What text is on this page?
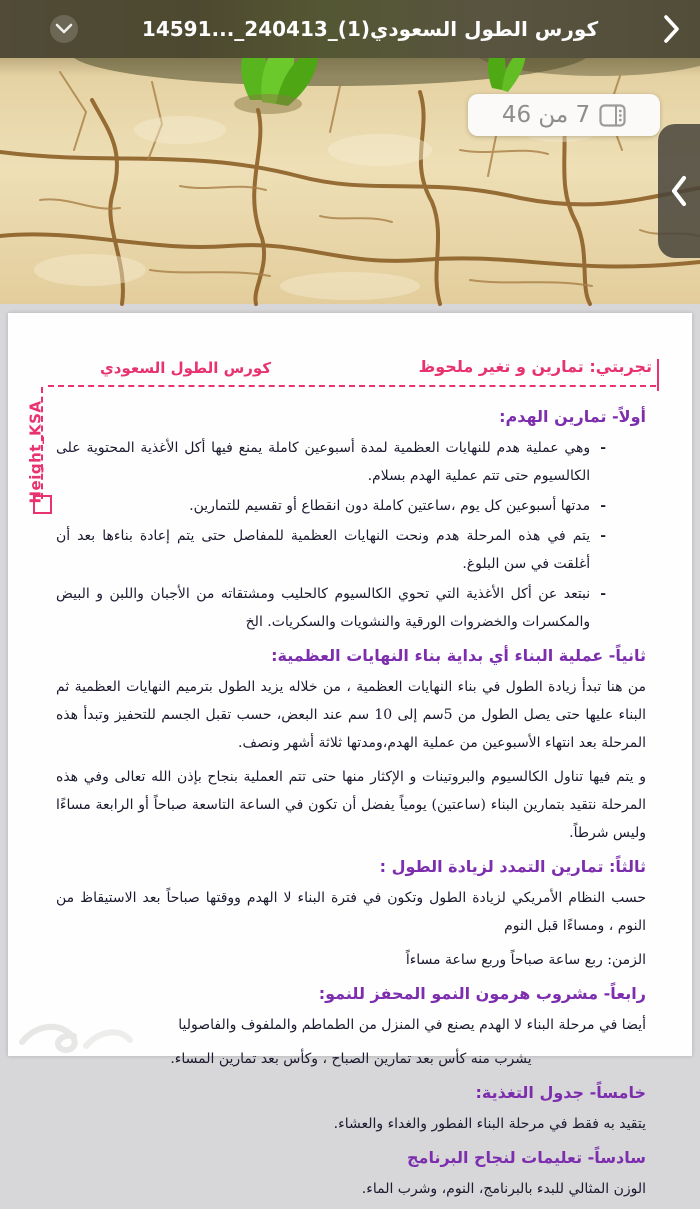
كورس الطول السعودي(1)_240413_...14591
7 من 46
تجربتي: تمارين و تغير ملحوظ
كورس الطول السعودي
Height_KSA	أولاً- تمارين الهدم:
-
وهي عملية هدم للنهايات العظمية لمدة أسبوعين كاملة يمنع فيها أكل الأغذية المحتوية على الكالسيوم حتى تتم عملية الهدم بسلام.
-
مدتها أسبوعين كل يوم ،ساعتين كاملة دون انقطاع أو تقسيم للتمارين.
-
يتم في هذه المرحلة هدم ونحت النهايات العظمية للمفاصل حتى يتم إعادة بناءها بعد أن أغلقت في سن البلوغ.
-
نبتعد عن أكل الأغذية التي تحوي الكالسيوم كالحليب ومشتقاته من الأجبان واللبن و البيض والمكسرات والخضروات الورقية والنشويات والسكريات. الخ
ثانياً- عملية البناء أي بداية بناء النهايات العظمية:

من هنا تبدأ زيادة الطول في بناء النهايات العظمية ، من خلاله يزيد الطول بترميم النهايات العظمية ثم البناء عليها حتى يصل الطول من 5سم إلى 10 سم عند البعض، حسب تقبل الجسم للتحفيز وتبدأ هذه المرحلة بعد انتهاء الأسبوعين من عملية الهدم،ومدتها ثلاثة أشهر ونصف.

و يتم فيها تناول الكالسيوم والبروتينات و الإكثار منها حتى تتم العملية بنجاح بإذن الله تعالى وفي هذه المرحلة نتقيد بتمارين البناء (ساعتين) يومياً يفضل أن تكون في الساعة التاسعة صباحاً أو الرابعة مساءًا وليس شرطاً.

ثالثاً: تمارين التمدد لزيادة الطول :

حسب النظام الأمريكي لزيادة الطول وتكون في فترة البناء لا الهدم ووقتها صباحاً بعد الاستيقاظ من النوم ، ومساءًا قبل النوم

الزمن: ربع ساعة صباحاً وربع ساعة مساءاً

رابعاً- مشروب هرمون النمو المحفز للنمو:

أيضا في مرحلة البناء لا الهدم يصنع في المنزل من الطماطم والملفوف والفاصوليا

يشرب منه كأس بعد تمارين الصباح ، وكأس بعد تمارين المساء.

خامساً- جدول التغذية:

يتقيد به فقط في مرحلة البناء الفطور والغداء والعشاء.

سادساً- تعليمات لنجاح البرنامج

الوزن المثالي للبدء بالبرنامج، النوم، وشرب الماء.
